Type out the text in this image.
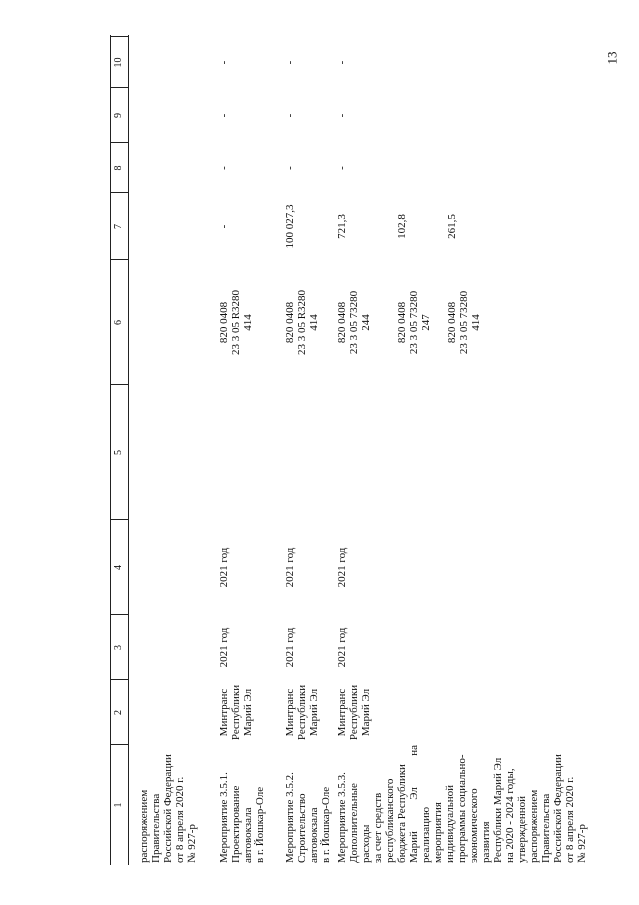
13
1
2
3
4
5
6
7
8
9
10
распоряжением
Правительства
Российской Федерации
от 8 апреля 2020 г.
№ 927-р Мероприятие 3.5.1.
Проектирование
автовокзала
в г. Йошкар-Оле
Минтранс
Республики
Марий Эл
2021 год
2021 год
820 0408
23 3 05 R3280
414
-
-
-
-
Мероприятие 3.5.2.
Строительство автовокзала
в г. Йошкар-Оле
Минтранс
Республики
Марий Эл
2021 год
2021 год
820 0408
23 3 05 R3280
414
100 027,3
-
-
-
Мероприятие 3.5.3.
Дополнительные расходы
за счет средств
республиканского
бюджета Республики
Марий Эл на реализацию
мероприятия
индивидуальной
программы социально-
экономического развития
Республики Марий Эл
на 2020 - 2024 годы,
утвержденной
распоряжением
Правительства
Российской Федерации
от 8 апреля 2020 г.
№ 927-р
Минтранс
Республики
Марий Эл
2021 год
2021 год
820 0408
23 3 05 73280
244
721,3
-
-
-
820 0408
23 3 05 73280
247
102,8
820 0408
23 3 05 73280
414
261,5
